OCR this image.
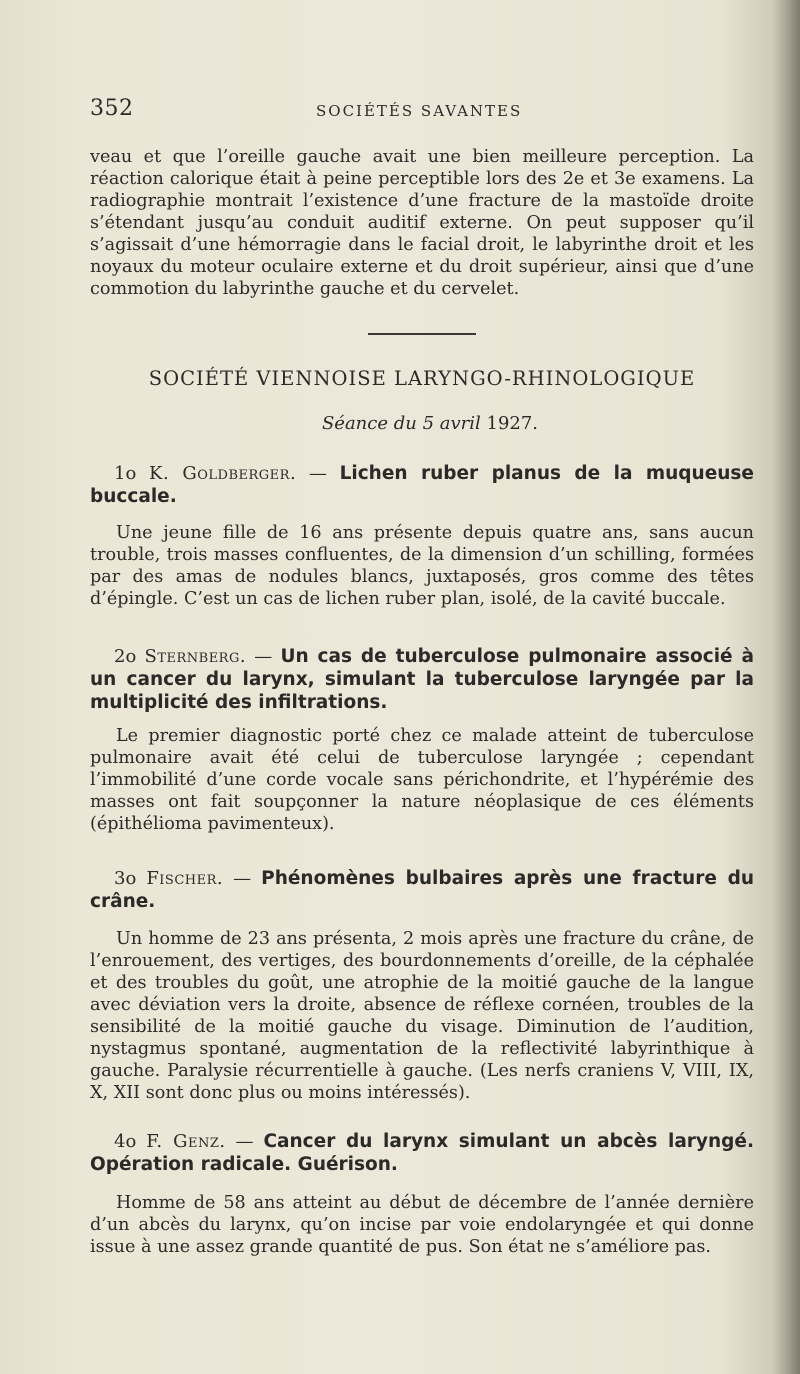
352	SOCIÉTÉS SAVANTES

veau et que l’oreille gauche avait une bien meilleure perception. La réaction calorique était à peine perceptible lors des 2e et 3e examens. La radiographie montrait l’existence d’une fracture de la mastoïde droite s’étendant jusqu’au conduit auditif externe. On peut supposer qu’il s’agissait d’une hémorragie dans le facial droit, le labyrinthe droit et les noyaux du moteur oculaire externe et du droit supérieur, ainsi que d’une commotion du labyrinthe gauche et du cervelet.

SOCIÉTÉ VIENNOISE LARYNGO-RHINOLOGIQUE
Séance du 5 avril 1927.
1o K. Goldberger. — Lichen ruber planus de la muqueuse buccale.

Une jeune fille de 16 ans présente depuis quatre ans, sans aucun trouble, trois masses confluentes, de la dimension d’un schilling, formées par des amas de nodules blancs, juxtaposés, gros comme des têtes d’épingle. C’est un cas de lichen ruber plan, isolé, de la cavité buccale.

2o Sternberg. — Un cas de tuberculose pulmonaire associé à un cancer du larynx, simulant la tuberculose laryngée par la multiplicité des infiltrations.

Le premier diagnostic porté chez ce malade atteint de tuberculose pulmonaire avait été celui de tuberculose laryngée ; cependant l’immobilité d’une corde vocale sans périchondrite, et l’hypérémie des masses ont fait soupçonner la nature néoplasique de ces éléments (épithélioma pavimenteux).

3o Fischer. — Phénomènes bulbaires après une fracture du crâne.

Un homme de 23 ans présenta, 2 mois après une fracture du crâne, de l’enrouement, des vertiges, des bourdonnements d’oreille, de la céphalée et des troubles du goût, une atrophie de la moitié gauche de la langue avec déviation vers la droite, absence de réflexe cornéen, troubles de la sensibilité de la moitié gauche du visage. Diminution de l’audition, nystagmus spontané, augmentation de la reflectivité labyrinthique à gauche. Paralysie récurrentielle à gauche. (Les nerfs craniens V, VIII, IX, X, XII sont donc plus ou moins intéressés).

4o F. Genz. — Cancer du larynx simulant un abcès laryngé. Opération radicale. Guérison.

Homme de 58 ans atteint au début de décembre de l’année dernière d’un abcès du larynx, qu’on incise par voie endolaryngée et qui donne issue à une assez grande quantité de pus. Son état ne s’améliore pas.
